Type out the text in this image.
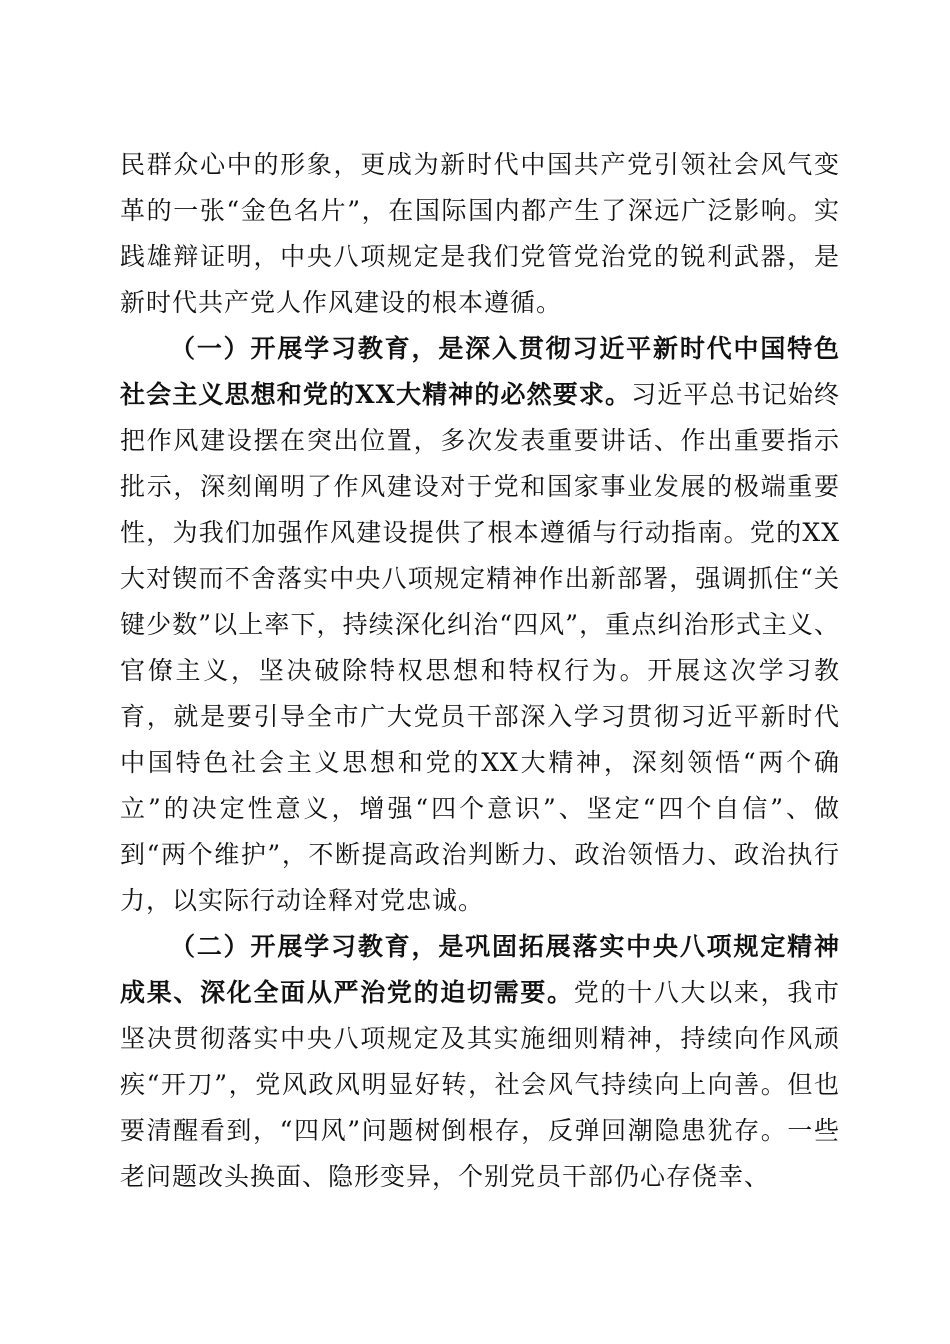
民群众心中的形象，更成为新时代中国共产党引领社会风气变革的一张“金色名片”，在国际国内都产生了深远广泛影响。实践雄辩证明，中央八项规定是我们党管党治党的锐利武器，是新时代共产党人作风建设的根本遵循。

（一）开展学习教育，是深入贯彻习近平新时代中国特色社会主义思想和党的XX大精神的必然要求。习近平总书记始终把作风建设摆在突出位置，多次发表重要讲话、作出重要指示批示，深刻阐明了作风建设对于党和国家事业发展的极端重要性，为我们加强作风建设提供了根本遵循与行动指南。党的XX大对锲而不舍落实中央八项规定精神作出新部署，强调抓住“关键少数”以上率下，持续深化纠治“四风”，重点纠治形式主义、官僚主义，坚决破除特权思想和特权行为。开展这次学习教育，就是要引导全市广大党员干部深入学习贯彻习近平新时代中国特色社会主义思想和党的XX大精神，深刻领悟“两个确立”的决定性意义，增强“四个意识”、坚定“四个自信”、做到“两个维护”，不断提高政治判断力、政治领悟力、政治执行力，以实际行动诠释对党忠诚。

（二）开展学习教育，是巩固拓展落实中央八项规定精神成果、深化全面从严治党的迫切需要。党的十八大以来，我市坚决贯彻落实中央八项规定及其实施细则精神，持续向作风顽疾“开刀”，党风政风明显好转，社会风气持续向上向善。但也要清醒看到，“四风”问题树倒根存，反弹回潮隐患犹存。一些老问题改头换面、隐形变异，个别党员干部仍心存侥幸、
